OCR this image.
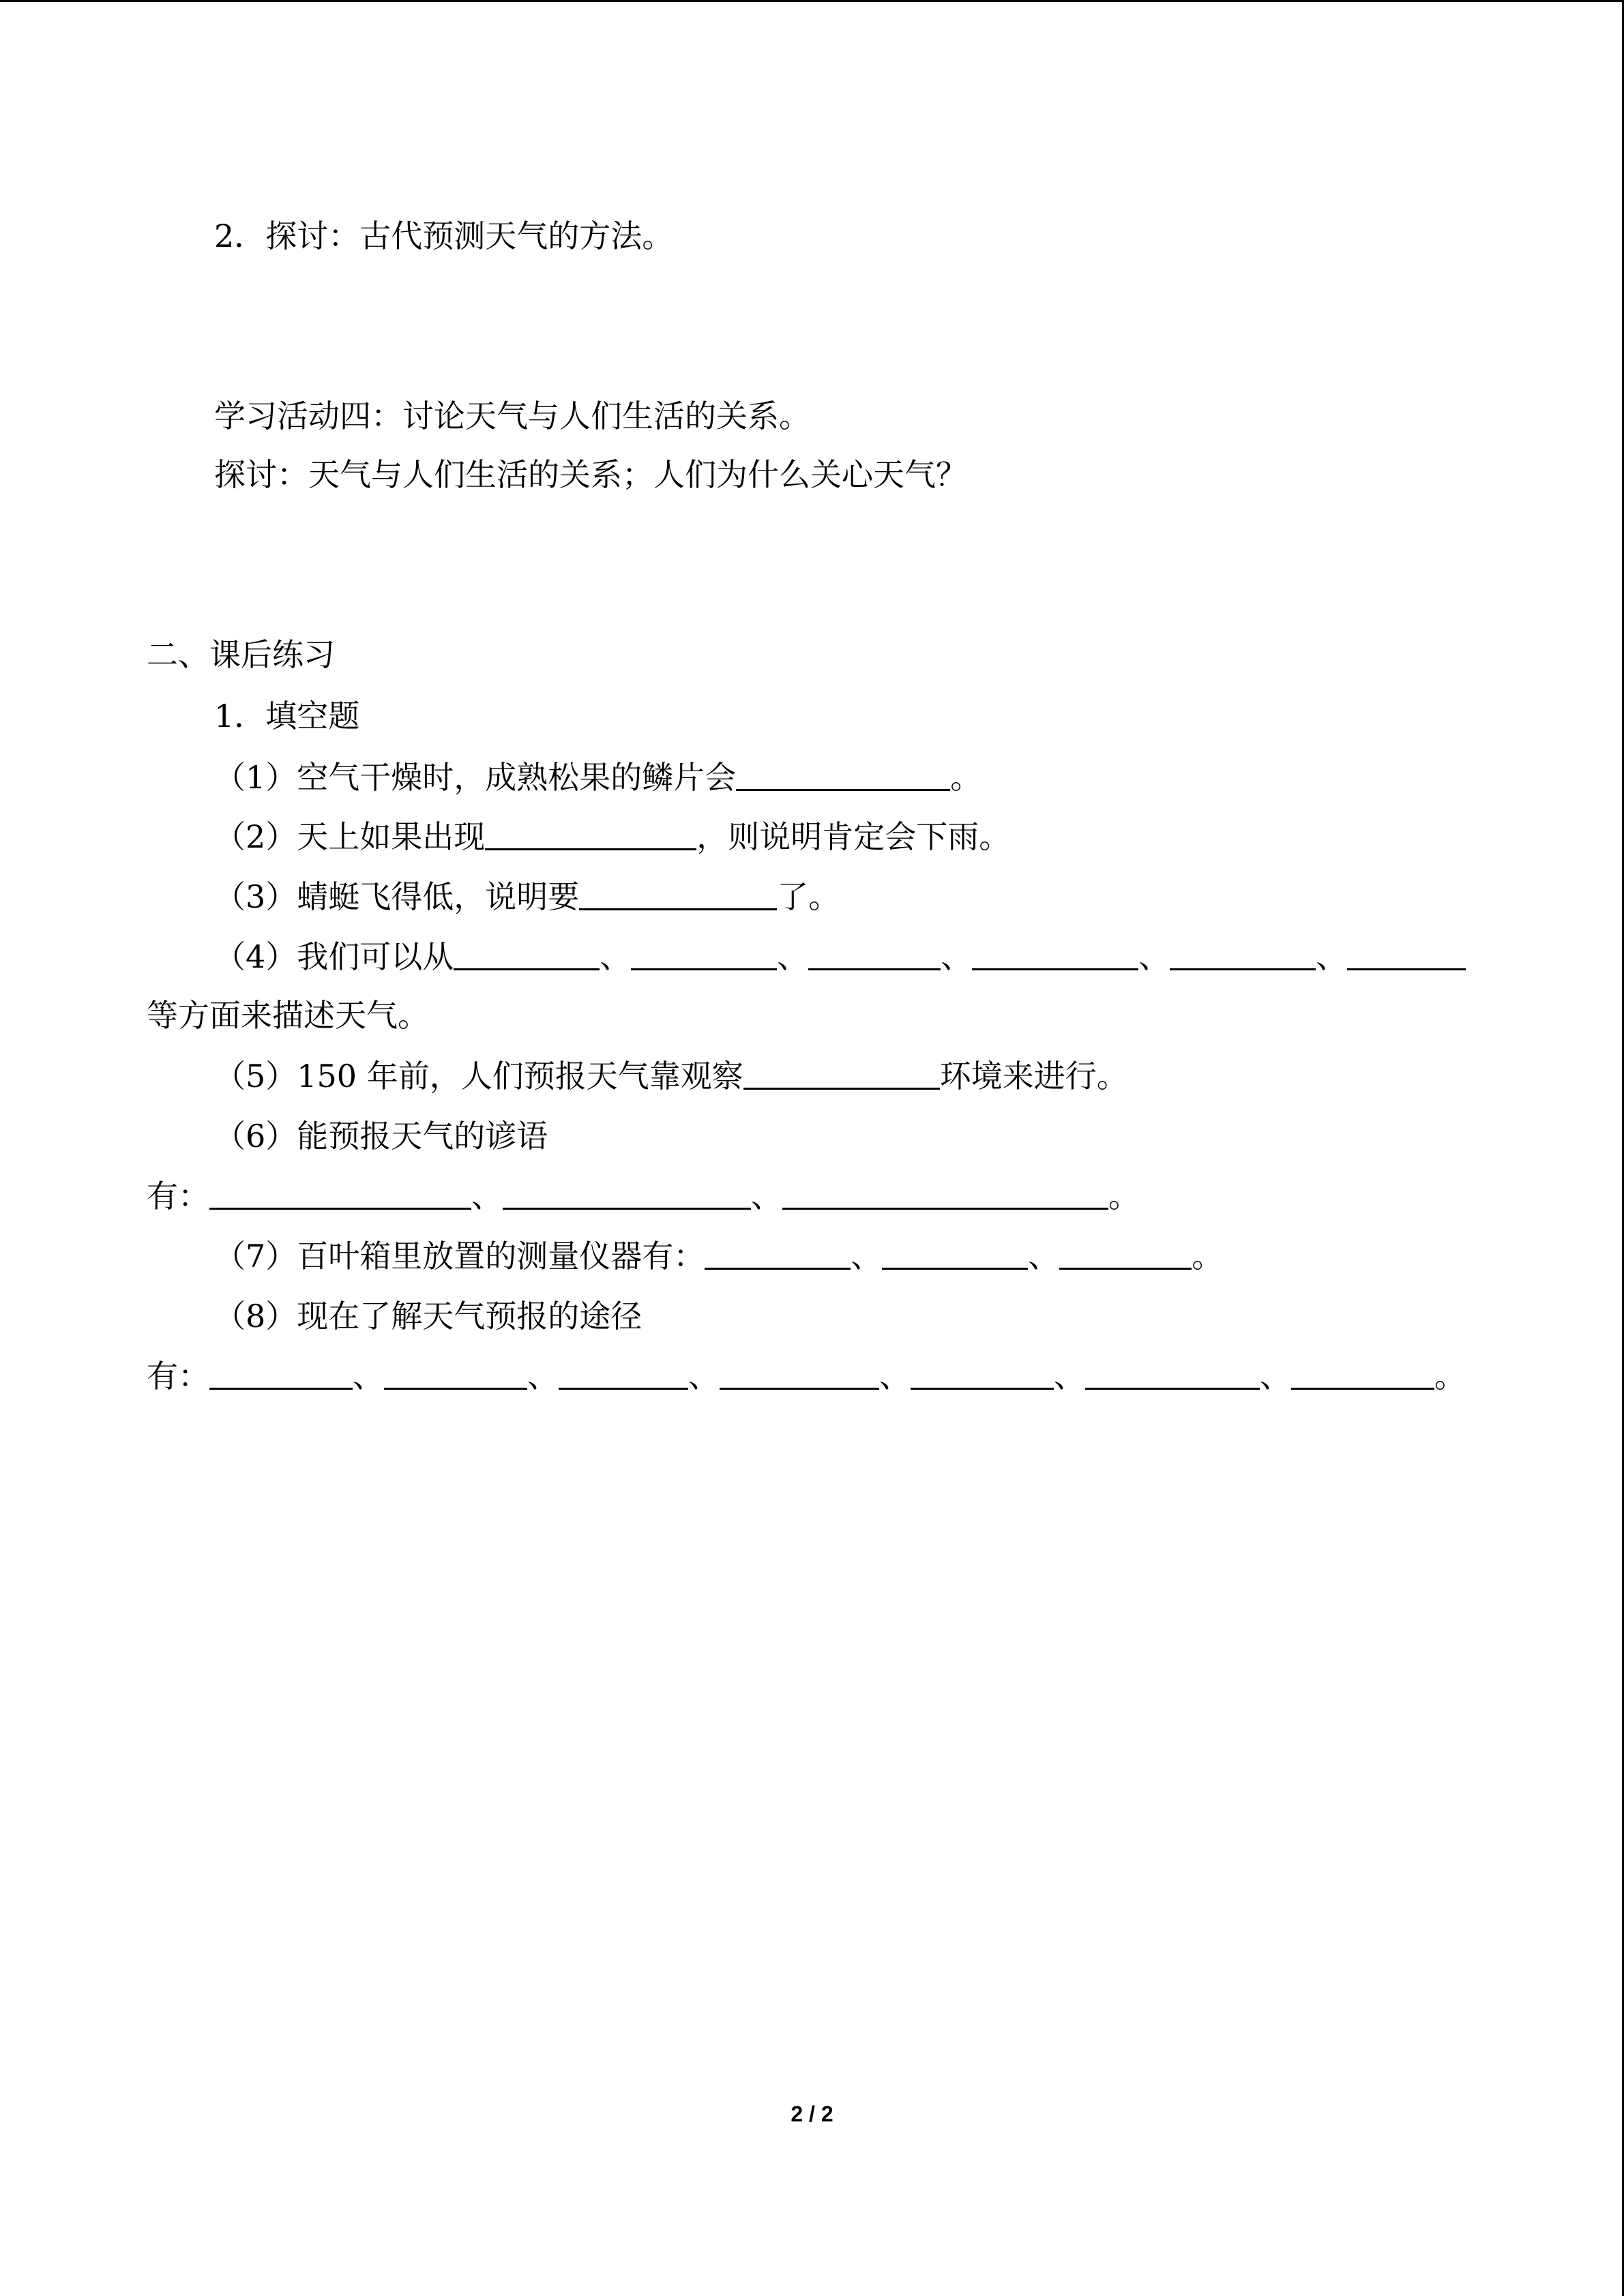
2．探讨：古代预测天气的方法。
学习活动四：讨论天气与人们生活的关系。
探讨：天气与人们生活的关系；人们为什么关心天气？
二、课后练习
1．填空题
（1）空气干燥时，成熟松果的鳞片会	。
（2）天上如果出现	，则说明肯定会下雨。
（3）蜻蜓飞得低，说明要	了。
（4）我们可以从	、	、	、	、	、
等方面来描述天气。
（5）150 年前，人们预报天气靠观察	环境来进行。
（6）能预报天气的谚语
有：	、	、	。
（7）百叶箱里放置的测量仪器有：	、	、	。
（8）现在了解天气预报的途径
有：	、	、	、	、	、	、	。
2 / 2
